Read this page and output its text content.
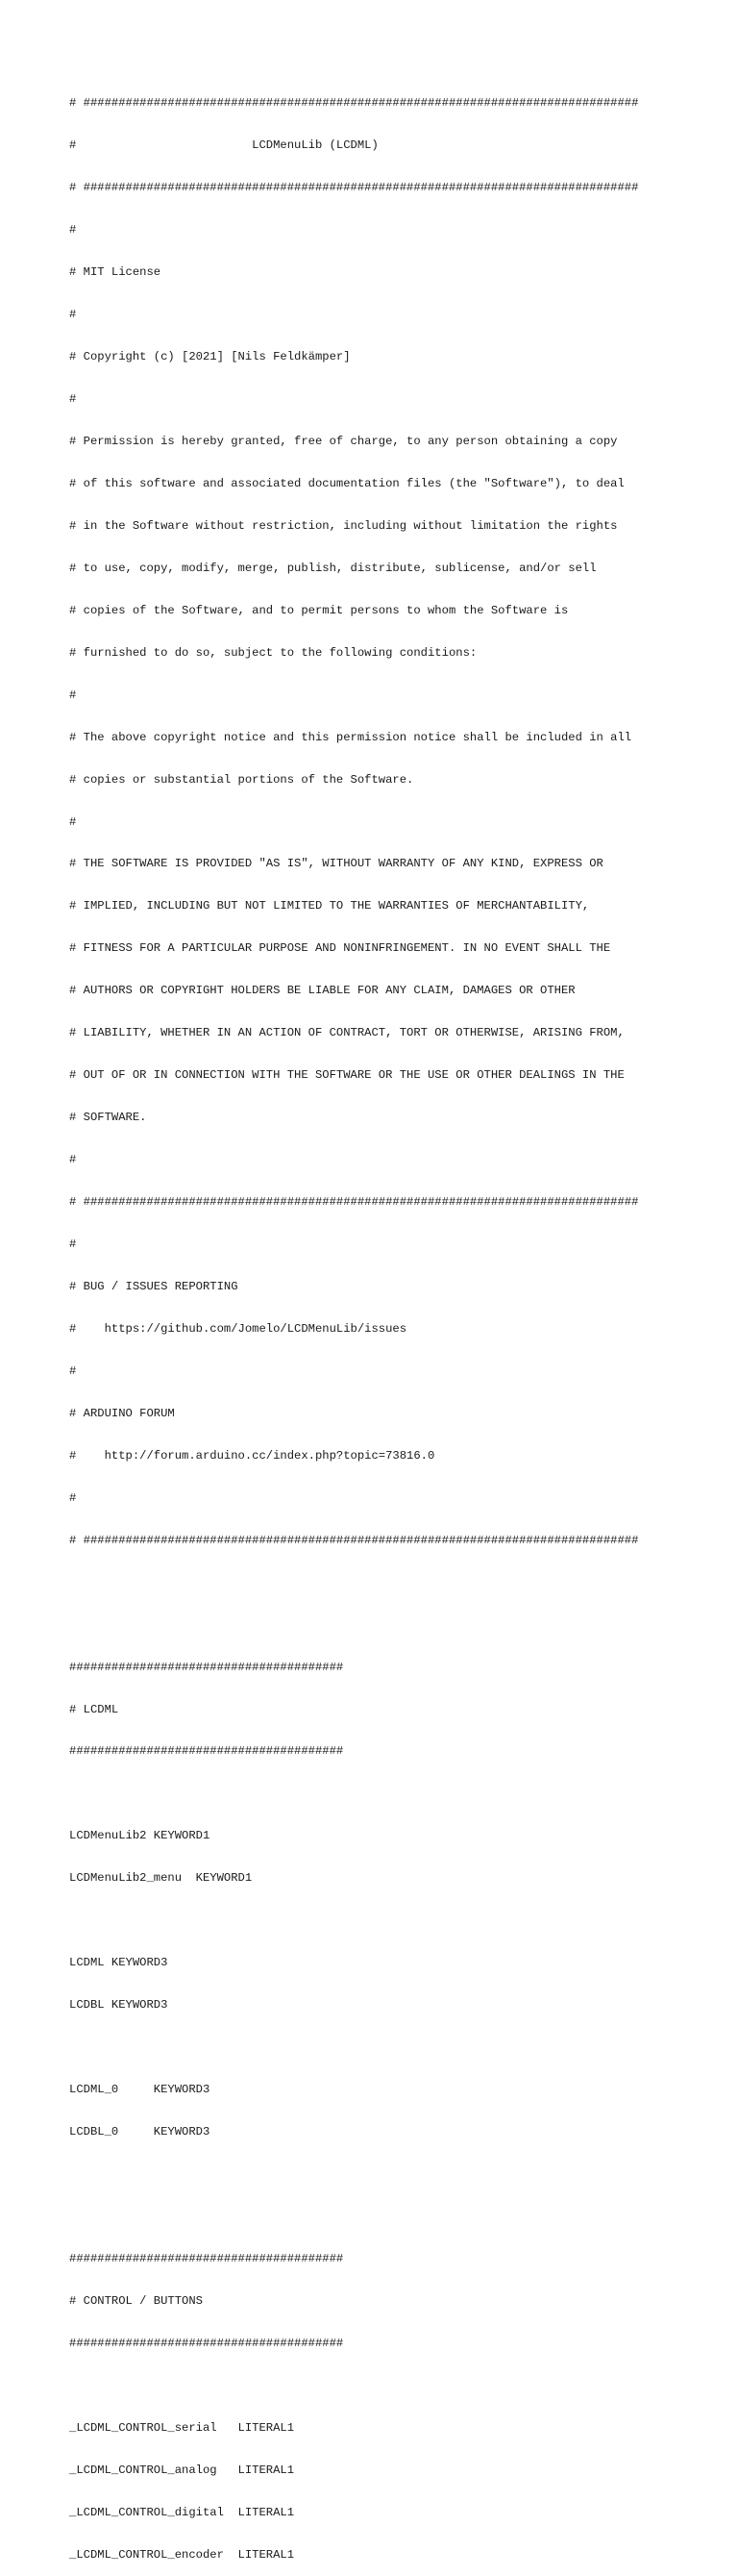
# ###############################################################################

#                         LCDMenuLib (LCDML)

# ###############################################################################

#

# MIT License

#

# Copyright (c) [2021] [Nils Feldkämper]

#

# Permission is hereby granted, free of charge, to any person obtaining a copy

# of this software and associated documentation files (the "Software"), to deal

# in the Software without restriction, including without limitation the rights

# to use, copy, modify, merge, publish, distribute, sublicense, and/or sell

# copies of the Software, and to permit persons to whom the Software is

# furnished to do so, subject to the following conditions:

#

# The above copyright notice and this permission notice shall be included in all

# copies or substantial portions of the Software.

#

# THE SOFTWARE IS PROVIDED "AS IS", WITHOUT WARRANTY OF ANY KIND, EXPRESS OR

# IMPLIED, INCLUDING BUT NOT LIMITED TO THE WARRANTIES OF MERCHANTABILITY,

# FITNESS FOR A PARTICULAR PURPOSE AND NONINFRINGEMENT. IN NO EVENT SHALL THE

# AUTHORS OR COPYRIGHT HOLDERS BE LIABLE FOR ANY CLAIM, DAMAGES OR OTHER

# LIABILITY, WHETHER IN AN ACTION OF CONTRACT, TORT OR OTHERWISE, ARISING FROM,

# OUT OF OR IN CONNECTION WITH THE SOFTWARE OR THE USE OR OTHER DEALINGS IN THE

# SOFTWARE.

#

# ###############################################################################

#

# BUG / ISSUES REPORTING

#    https://github.com/Jomelo/LCDMenuLib/issues

#

# ARDUINO FORUM

#    http://forum.arduino.cc/index.php?topic=73816.0

#

# ###############################################################################

#######################################

# LCDML

#######################################

LCDMenuLib2 KEYWORD1

LCDMenuLib2_menu  KEYWORD1

LCDML KEYWORD3

LCDBL KEYWORD3

LCDML_0     KEYWORD3

LCDBL_0     KEYWORD3

#######################################

# CONTROL / BUTTONS

#######################################

_LCDML_CONTROL_serial   LITERAL1

_LCDML_CONTROL_analog   LITERAL1

_LCDML_CONTROL_digital  LITERAL1

_LCDML_CONTROL_encoder  LITERAL1
